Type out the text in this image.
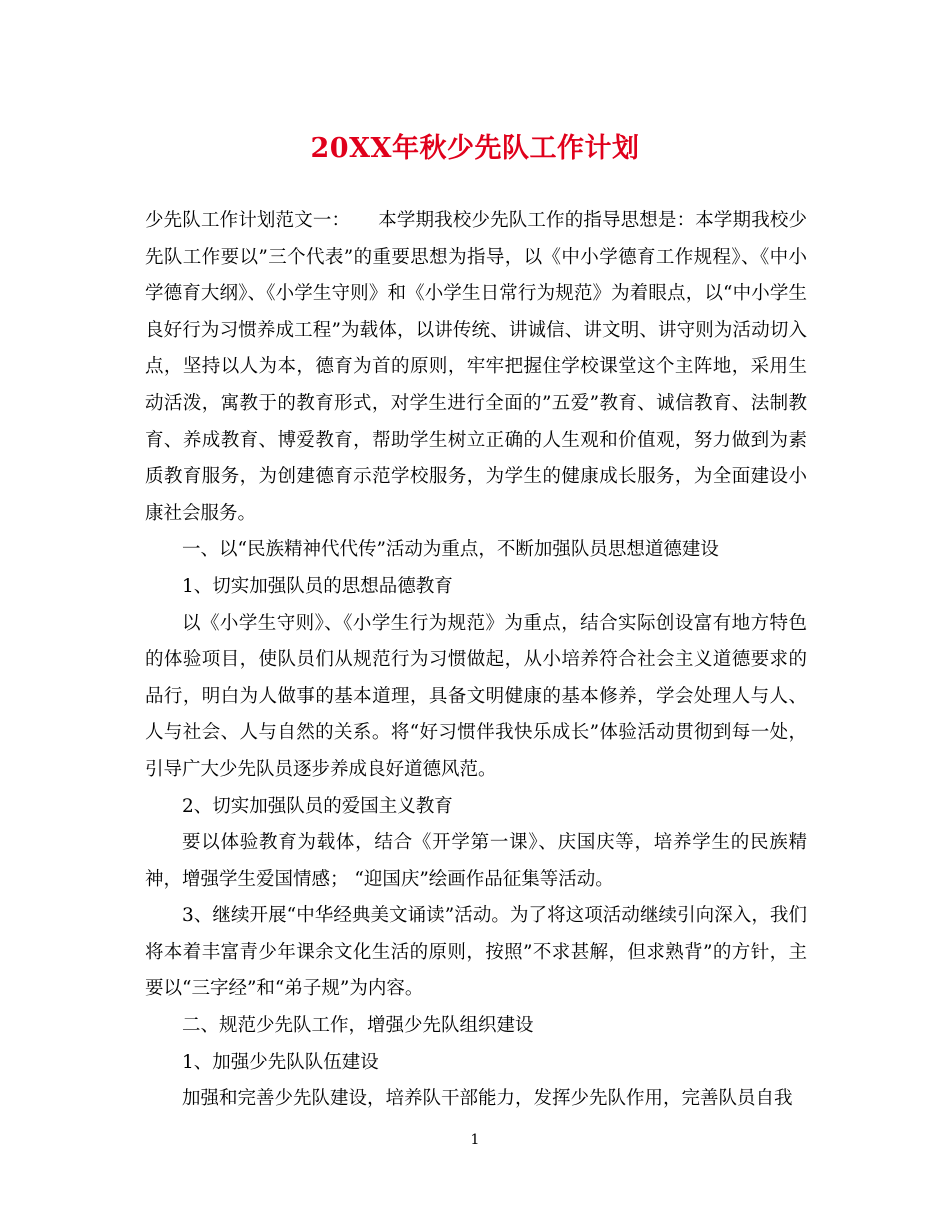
20XX年秋少先队工作计划

少先队工作计划范文一：　　本学期我校少先队工作的指导思想是：本学期我校少先队工作要以”三个代表”的重要思想为指导，以《中小学德育工作规程》、《中小学德育大纲》、《小学生守则》和《小学生日常行为规范》为着眼点，以“中小学生良好行为习惯养成工程”为载体，以讲传统、讲诚信、讲文明、讲守则为活动切入点，坚持以人为本，德育为首的原则，牢牢把握住学校课堂这个主阵地，采用生动活泼，寓教于的教育形式，对学生进行全面的”五爱”教育、诚信教育、法制教育、养成教育、博爱教育，帮助学生树立正确的人生观和价值观，努力做到为素质教育服务，为创建德育示范学校服务，为学生的健康成长服务，为全面建设小康社会服务。

一、以“民族精神代代传”活动为重点，不断加强队员思想道德建设

1、切实加强队员的思想品德教育

以《小学生守则》、《小学生行为规范》为重点，结合实际创设富有地方特色的体验项目，使队员们从规范行为习惯做起，从小培养符合社会主义道德要求的品行，明白为人做事的基本道理，具备文明健康的基本修养，学会处理人与人、人与社会、人与自然的关系。将“好习惯伴我快乐成长”体验活动贯彻到每一处，引导广大少先队员逐步养成良好道德风范。

2、切实加强队员的爱国主义教育

要以体验教育为载体，结合《开学第一课》、庆国庆等，培养学生的民族精神，增强学生爱国情感； “迎国庆”绘画作品征集等活动。

3、继续开展“中华经典美文诵读”活动。为了将这项活动继续引向深入，我们将本着丰富青少年课余文化生活的原则，按照”不求甚解，但求熟背”的方针，主要以“三字经”和“弟子规”为内容。

二、规范少先队工作，增强少先队组织建设

1、加强少先队队伍建设

加强和完善少先队建设，培养队干部能力，发挥少先队作用，完善队员自我

1
